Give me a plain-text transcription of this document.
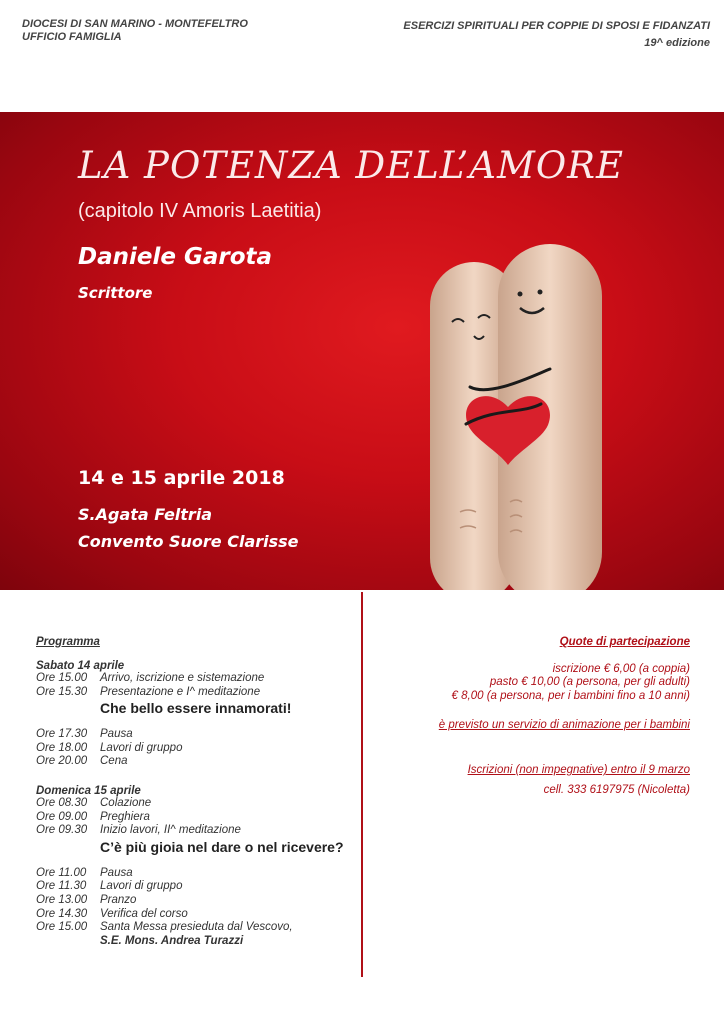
DIOCESI DI SAN MARINO - MONTEFELTRO
UFFICIO FAMIGLIA
ESERCIZI SPIRITUALI PER COPPIE DI SPOSI E FIDANZATI
19^ edizione
LA POTENZA DELL’AMORE
(capitolo IV Amoris Laetitia)
Daniele Garota
Scrittore
14 e 15 aprile 2018
S.Agata Feltria
Convento Suore Clarisse
Programma
Sabato 14 aprile
Ore 15.00	Arrivo, iscrizione e sistemazione
Ore 15.30	Presentazione e I^ meditazione
Che bello essere innamorati!
Ore 17.30	Pausa
Ore 18.00	Lavori di gruppo
Ore 20.00	Cena
Domenica 15 aprile
Ore 08.30	Colazione
Ore 09.00	Preghiera
Ore 09.30	Inizio lavori, II^ meditazione
C’è più gioia nel dare o nel ricevere?
Ore 11.00	Pausa
Ore 11.30	Lavori di gruppo
Ore 13.00	Pranzo
Ore 14.30	Verifica del corso
Ore 15.00	Santa Messa presieduta dal Vescovo,
S.E. Mons. Andrea Turazzi
Quote di partecipazione
iscrizione € 6,00 (a coppia)
pasto € 10,00 (a persona, per gli adulti)
€ 8,00 (a persona, per i bambini fino a 10 anni)
è previsto un servizio di animazione per i bambini
Iscrizioni (non impegnative) entro il 9 marzo
cell. 333 6197975 (Nicoletta)
